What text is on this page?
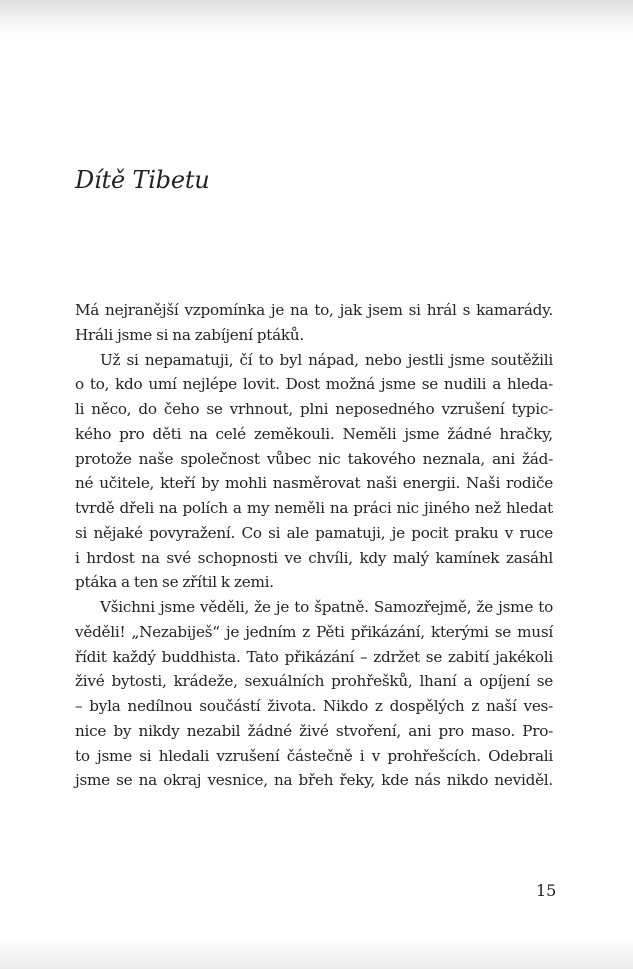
Dítě Tibetu
Má nejranější vzpomínka je na to, jak jsem si hrál s kamarády.
Hráli jsme si na zabíjení ptáků.
Už si nepamatuji, čí to byl nápad, nebo jestli jsme soutěžili
o to, kdo umí nejlépe lovit. Dost možná jsme se nudili a hleda-
li něco, do čeho se vrhnout, plni neposedného vzrušení typic-
kého pro děti na celé zeměkouli. Neměli jsme žádné hračky,
protože naše společnost vůbec nic takového neznala, ani žád-
né učitele, kteří by mohli nasměrovat naši energii. Naši rodiče
tvrdě dřeli na polích a my neměli na práci nic jiného než hledat
si nějaké povyražení. Co si ale pamatuji, je pocit praku v ruce
i hrdost na své schopnosti ve chvíli, kdy malý kamínek zasáhl
ptáka a ten se zřítil k zemi.
Všichni jsme věděli, že je to špatně. Samozřejmě, že jsme to
věděli! „Nezabiješ“ je jedním z Pěti přikázání, kterými se musí
řídit každý buddhista. Tato přikázání – zdržet se zabití jakékoli
živé bytosti, krádeže, sexuálních prohřešků, lhaní a opíjení se
– byla nedílnou součástí života. Nikdo z dospělých z naší ves-
nice by nikdy nezabil žádné živé stvoření, ani pro maso. Pro-
to jsme si hledali vzrušení částečně i v prohřešcích. Odebrali
jsme se na okraj vesnice, na břeh řeky, kde nás nikdo neviděl.
15
